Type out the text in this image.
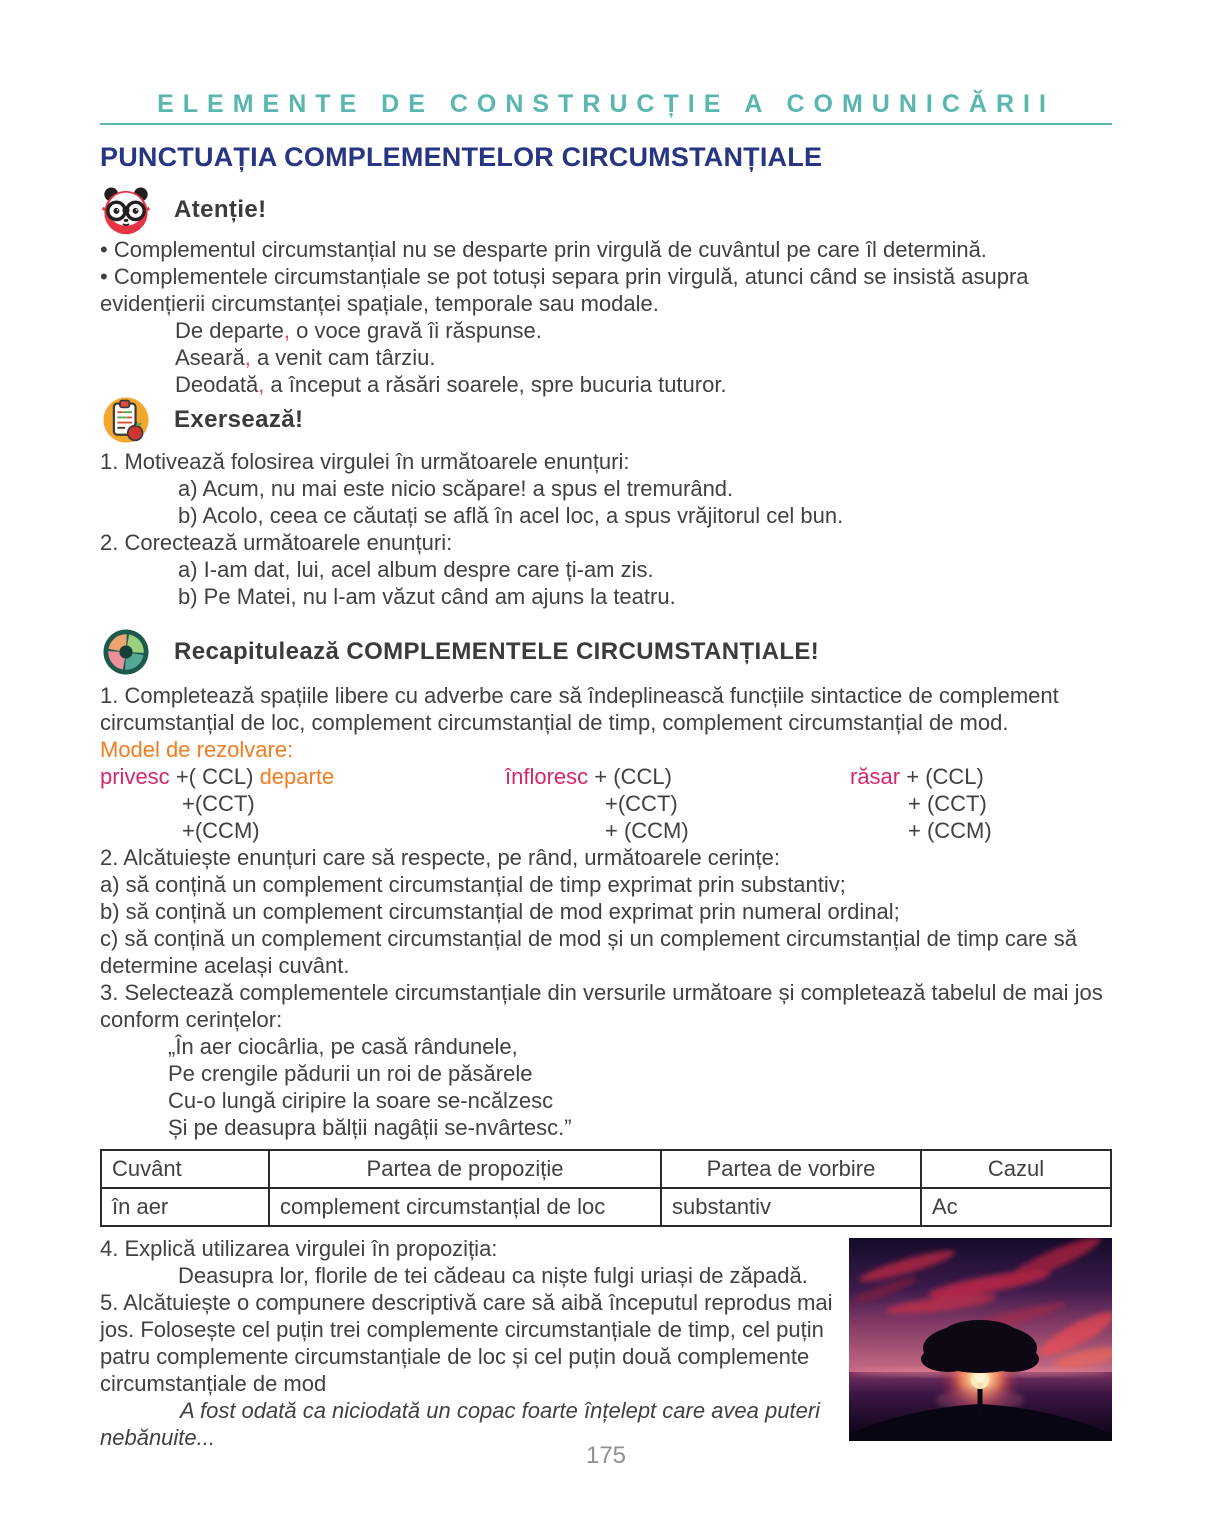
ELEMENTE DE CONSTRUCȚIE A COMUNICĂRII
PUNCTUAȚIA COMPLEMENTELOR CIRCUMSTANȚIALE
Atenție!

• Complementul circumstanțial nu se desparte prin virgulă de cuvântul pe care îl determină.

• Complementele circumstanțiale se pot totuși separa prin virgulă, atunci când se insistă asupra evidențierii circumstanței spațiale, temporale sau modale.

De departe, o voce gravă îi răspunse.

Aseară, a venit cam târziu.

Deodată, a început a răsări soarele, spre bucuria tuturor.

Exersează!

1. Motivează folosirea virgulei în următoarele enunțuri:

a) Acum, nu mai este nicio scăpare! a spus el tremurând.

b) Acolo, ceea ce căutați se află în acel loc, a spus vrăjitorul cel bun.

2. Corectează următoarele enunțuri:

a) I-am dat, lui, acel album despre care ți-am zis.

b) Pe Matei, nu l-am văzut când am ajuns la teatru.

Recapitulează COMPLEMENTELE CIRCUMSTANȚIALE!

1. Completează spațiile libere cu adverbe care să îndeplinească funcțiile sintactice de complement circumstanțial de loc, complement circumstanțial de timp, complement circumstanțial de mod.

Model de rezolvare:

privesc +( CCL) departe
+(CCT)
+(CCM)
înfloresc + (CCL)
+(CCT)
+ (CCM)
răsar + (CCL)
+ (CCT)
+ (CCM)

2. Alcătuiește enunțuri care să respecte, pe rând, următoarele cerințe:

a) să conțină un complement circumstanțial de timp exprimat prin substantiv;

b) să conțină un complement circumstanțial de mod exprimat prin numeral ordinal;

c) să conțină un complement circumstanțial de mod și un complement circumstanțial de timp care să determine același cuvânt.

3. Selectează complementele circumstanțiale din versurile următoare și completează tabelul de mai jos conform cerințelor:

„În aer ciocârlia, pe casă rândunele,

Pe crengile pădurii un roi de păsărele

Cu-o lungă ciripire la soare se-ncălzesc

Și pe deasupra bălții nagâții se-nvârtesc.”

Cuvânt	Partea de propoziție	Partea de vorbire	Cazul
în aer	complement circumstanțial de loc	substantiv	Ac

4. Explică utilizarea virgulei în propoziția:

Deasupra lor, florile de tei cădeau ca niște fulgi uriași de zăpadă.

5. Alcătuiește o compunere descriptivă care să aibă începutul reprodus mai jos. Folosește cel puțin trei complemente circumstanțiale de timp, cel puțin patru complemente circumstanțiale de loc și cel puțin două complemente circumstanțiale de mod

A fost odată ca niciodată un copac foarte înțelept care avea puteri nebănuite...

175
